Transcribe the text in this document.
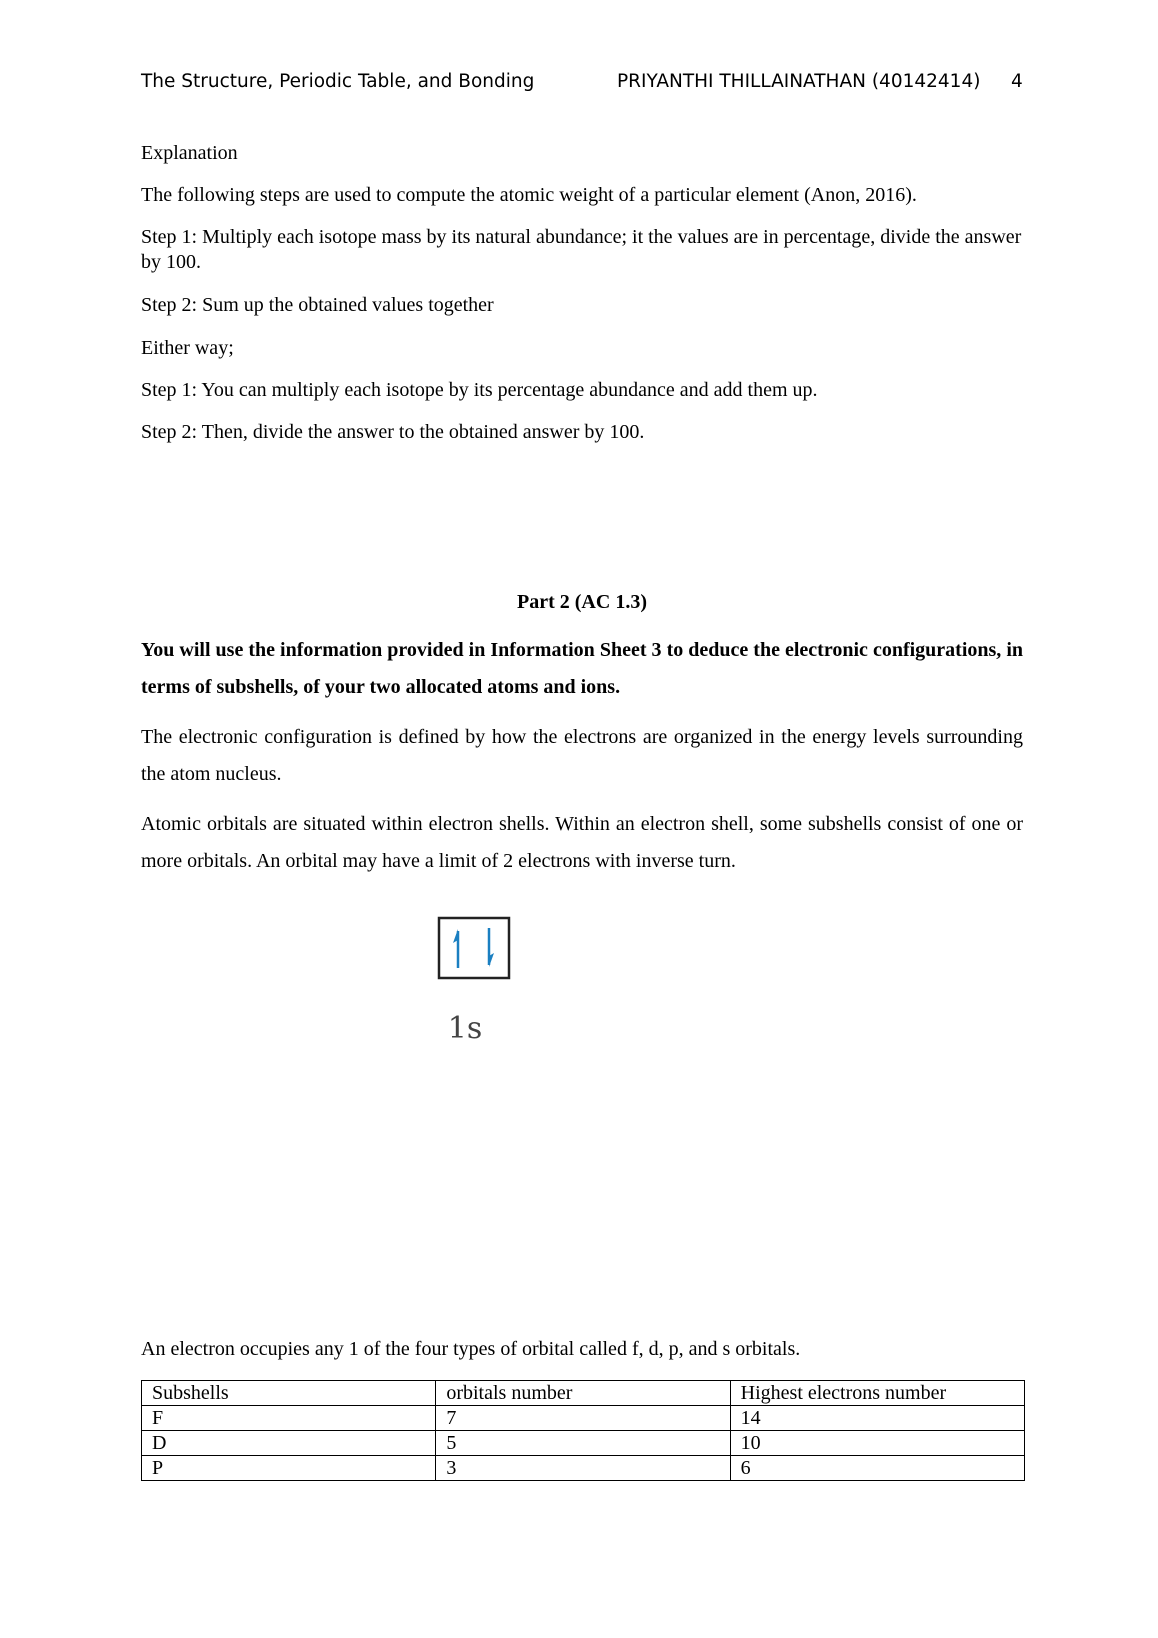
The Structure, Periodic Table, and Bonding	PRIYANTHI THILLAINATHAN (40142414) 4

Explanation

The following steps are used to compute the atomic weight of a particular element (Anon, 2016).

Step 1: Multiply each isotope mass by its natural abundance; it the values are in percentage, divide the answer by 100.

Step 2: Sum up the obtained values together

Either way;

Step 1: You can multiply each isotope by its percentage abundance and add them up.

Step 2: Then, divide the answer to the obtained answer by 100.

Part 2 (AC 1.3)

You will use the information provided in Information Sheet 3 to deduce the electronic configurations, in terms of subshells, of your two allocated atoms and ions.

The electronic configuration is defined by how the electrons are organized in the energy levels surrounding the atom nucleus.

Atomic orbitals are situated within electron shells. Within an electron shell, some subshells consist of one or more orbitals. An orbital may have a limit of 2 electrons with inverse turn.

1s

An electron occupies any 1 of the four types of orbital called f, d, p, and s orbitals.

Subshells	orbitals number	Highest electrons number
F	7	14
D	5	10
P	3	6
